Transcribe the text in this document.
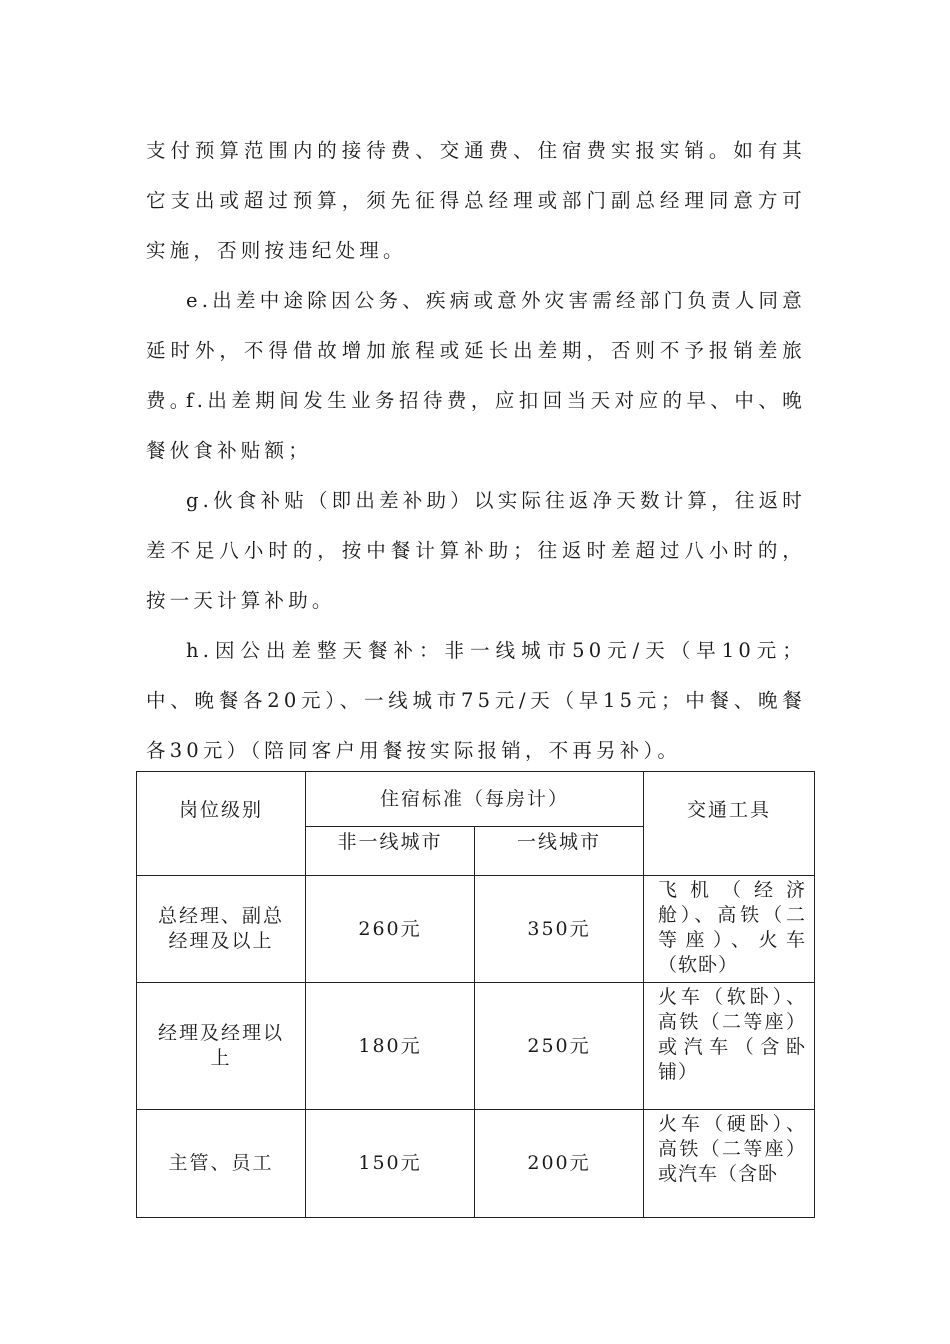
支付预算范围内的接待费、交通费、住宿费实报实销。如有其它支出或超过预算，须先征得总经理或部门副总经理同意方可实施，否则按违纪处理。

e.出差中途除因公务、疾病或意外灾害需经部门负责人同意延时外，不得借故增加旅程或延长出差期，否则不予报销差旅费。

f.出差期间发生业务招待费，应扣回当天对应的早、中、晚餐伙食补贴额；

g.伙食补贴（即出差补助）以实际往返净天数计算，往返时差不足八小时的，按中餐计算补助；往返时差超过八小时的，按一天计算补助。

h.因公出差整天餐补：非一线城市50元/天（早10元；中、晚餐各20元）、一线城市75元/天（早15元；中餐、晚餐各30元）（陪同客户用餐按实际报销，不再另补）。

岗位级别	住宿标准（每房计）		交通工具
	非一线城市	一线城市	
总经理、副总经理及以上	260元	350元	飞机（经济舱）、高铁（二等座）、火车（软卧）
经理及经理以上	180元	250元	火车（软卧）、高铁（二等座）或汽车（含卧铺）
主管、员工	150元	200元	火车（硬卧）、高铁（二等座）或汽车（含卧
